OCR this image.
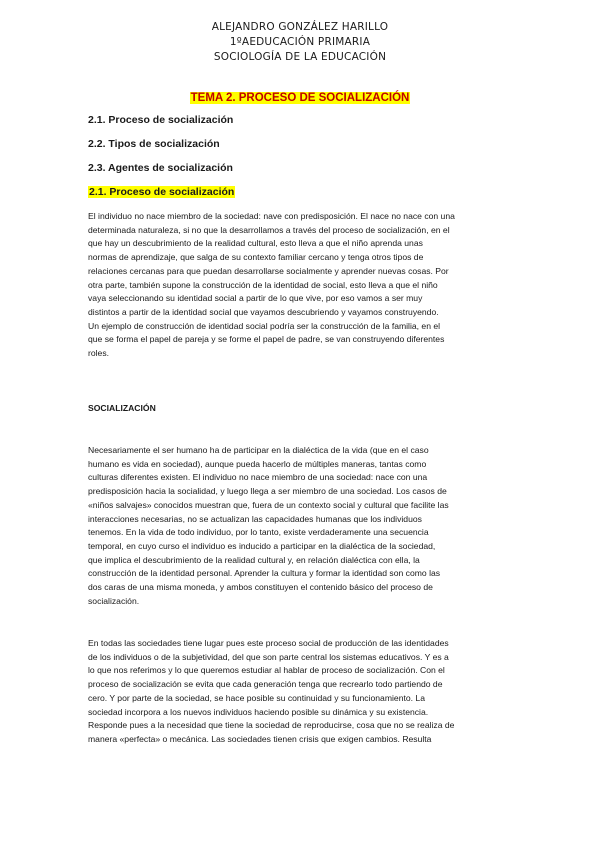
ALEJANDRO GONZÁLEZ HARILLO
1ºAEDUCACIÓN PRIMARIA
SOCIOLOGÍA DE LA EDUCACIÓN
TEMA 2. PROCESO DE SOCIALIZACIÓN
2.1. Proceso de socialización
2.2. Tipos de socialización
2.3. Agentes de socialización
2.1. Proceso de socialización
El individuo no nace miembro de la sociedad: nave con predisposición. El nace no nace con una
determinada naturaleza, si no que la desarrollamos a través del proceso de socialización, en el
que hay un descubrimiento de la realidad cultural, esto lleva a que el niño aprenda unas
normas de aprendizaje, que salga de su contexto familiar cercano y tenga otros tipos de
relaciones cercanas para que puedan desarrollarse socialmente y aprender nuevas cosas. Por
otra parte, también supone la construcción de la identidad de social, esto lleva a que el niño
vaya seleccionando su identidad social a partir de lo que vive, por eso vamos a ser muy
distintos a partir de la identidad social que vayamos descubriendo y vayamos construyendo.
Un ejemplo de construcción de identidad social podría ser la construcción de la familia, en el
que se forma el papel de pareja y se forme el papel de padre, se van construyendo diferentes
roles.
SOCIALIZACIÓN
Necesariamente el ser humano ha de participar en la dialéctica de la vida (que en el caso
humano es vida en sociedad), aunque pueda hacerlo de múltiples maneras, tantas como
culturas diferentes existen. El individuo no nace miembro de una sociedad: nace con una
predisposición hacia la socialidad, y luego llega a ser miembro de una sociedad. Los casos de
«niños salvajes» conocidos muestran que, fuera de un contexto social y cultural que facilite las
interacciones necesarias, no se actualizan las capacidades humanas que los individuos
tenemos. En la vida de todo individuo, por lo tanto, existe verdaderamente una secuencia
temporal, en cuyo curso el individuo es inducido a participar en la dialéctica de la sociedad,
que implica el descubrimiento de la realidad cultural y, en relación dialéctica con ella, la
construcción de la identidad personal. Aprender la cultura y formar la identidad son como las
dos caras de una misma moneda, y ambos constituyen el contenido básico del proceso de
socialización.
En todas las sociedades tiene lugar pues este proceso social de producción de las identidades
de los individuos o de la subjetividad, del que son parte central los sistemas educativos. Y es a
lo que nos referimos y lo que queremos estudiar al hablar de proceso de socialización. Con el
proceso de socialización se evita que cada generación tenga que recrearlo todo partiendo de
cero. Y por parte de la sociedad, se hace posible su continuidad y su funcionamiento. La
sociedad incorpora a los nuevos individuos haciendo posible su dinámica y su existencia.
Responde pues a la necesidad que tiene la sociedad de reproducirse, cosa que no se realiza de
manera «perfecta» o mecánica. Las sociedades tienen crisis que exigen cambios. Resulta
